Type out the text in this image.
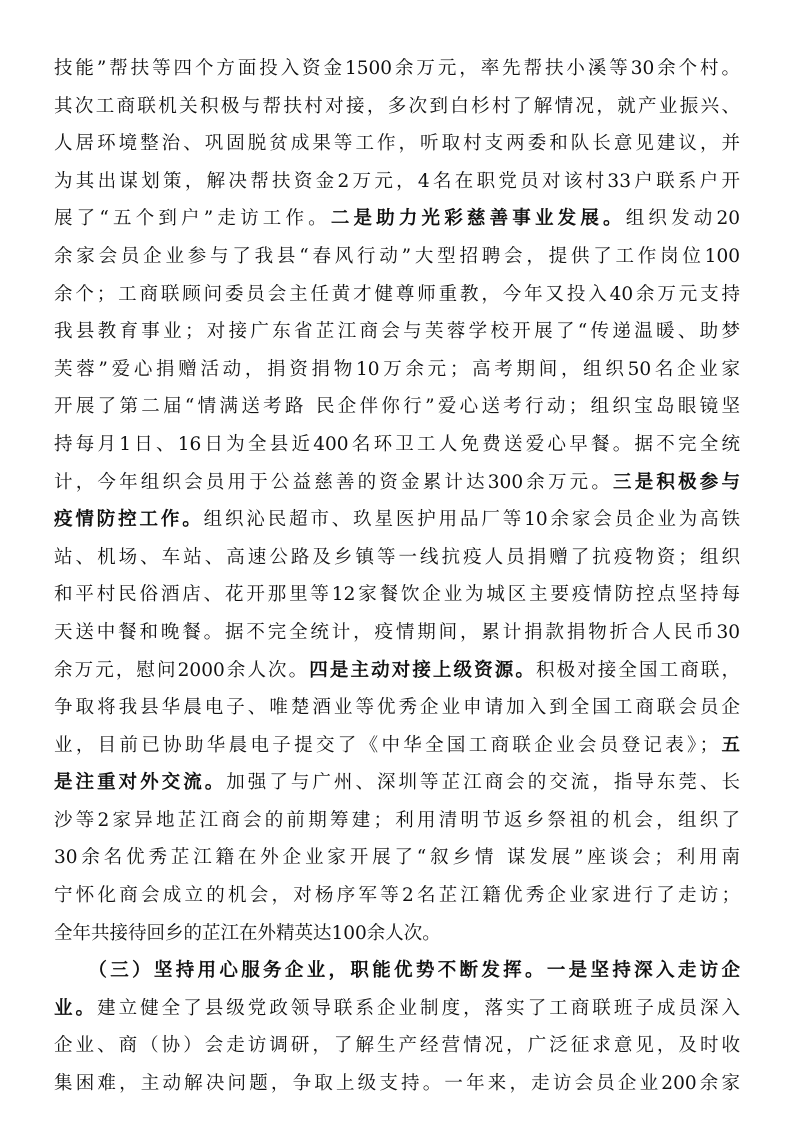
技能”帮扶等四个方面投入资金1500余万元，率先帮扶小溪等30余个村。
其次工商联机关积极与帮扶村对接，多次到白杉村了解情况，就产业振兴、
人居环境整治、巩固脱贫成果等工作，听取村支两委和队长意见建议，并
为其出谋划策，解决帮扶资金2万元，4名在职党员对该村33户联系户开
展了“五个到户”走访工作。二是助力光彩慈善事业发展。组织发动20
余家会员企业参与了我县“春风行动”大型招聘会，提供了工作岗位100
余个；工商联顾问委员会主任黄才健尊师重教，今年又投入40余万元支持
我县教育事业；对接广东省芷江商会与芙蓉学校开展了“传递温暖、助梦
芙蓉”爱心捐赠活动，捐资捐物10万余元；高考期间，组织50名企业家
开展了第二届“情满送考路 民企伴你行”爱心送考行动；组织宝岛眼镜坚
持每月1日、16日为全县近400名环卫工人免费送爱心早餐。据不完全统
计，今年组织会员用于公益慈善的资金累计达300余万元。三是积极参与
疫情防控工作。组织沁民超市、玖星医护用品厂等10余家会员企业为高铁
站、机场、车站、高速公路及乡镇等一线抗疫人员捐赠了抗疫物资；组织
和平村民俗酒店、花开那里等12家餐饮企业为城区主要疫情防控点坚持每
天送中餐和晚餐。据不完全统计，疫情期间，累计捐款捐物折合人民币30
余万元，慰问2000余人次。四是主动对接上级资源。积极对接全国工商联，
争取将我县华晨电子、唯楚酒业等优秀企业申请加入到全国工商联会员企
业，目前已协助华晨电子提交了《中华全国工商联企业会员登记表》；五
是注重对外交流。加强了与广州、深圳等芷江商会的交流，指导东莞、长
沙等2家异地芷江商会的前期筹建；利用清明节返乡祭祖的机会，组织了
30余名优秀芷江籍在外企业家开展了“叙乡情 谋发展”座谈会；利用南
宁怀化商会成立的机会，对杨序军等2名芷江籍优秀企业家进行了走访；
全年共接待回乡的芷江在外精英达100余人次。
　　（三）坚持用心服务企业，职能优势不断发挥。一是坚持深入走访企
业。建立健全了县级党政领导联系企业制度，落实了工商联班子成员深入
企业、商（协）会走访调研，了解生产经营情况，广泛征求意见，及时收
集困难，主动解决问题，争取上级支持。一年来，走访会员企业200余家
